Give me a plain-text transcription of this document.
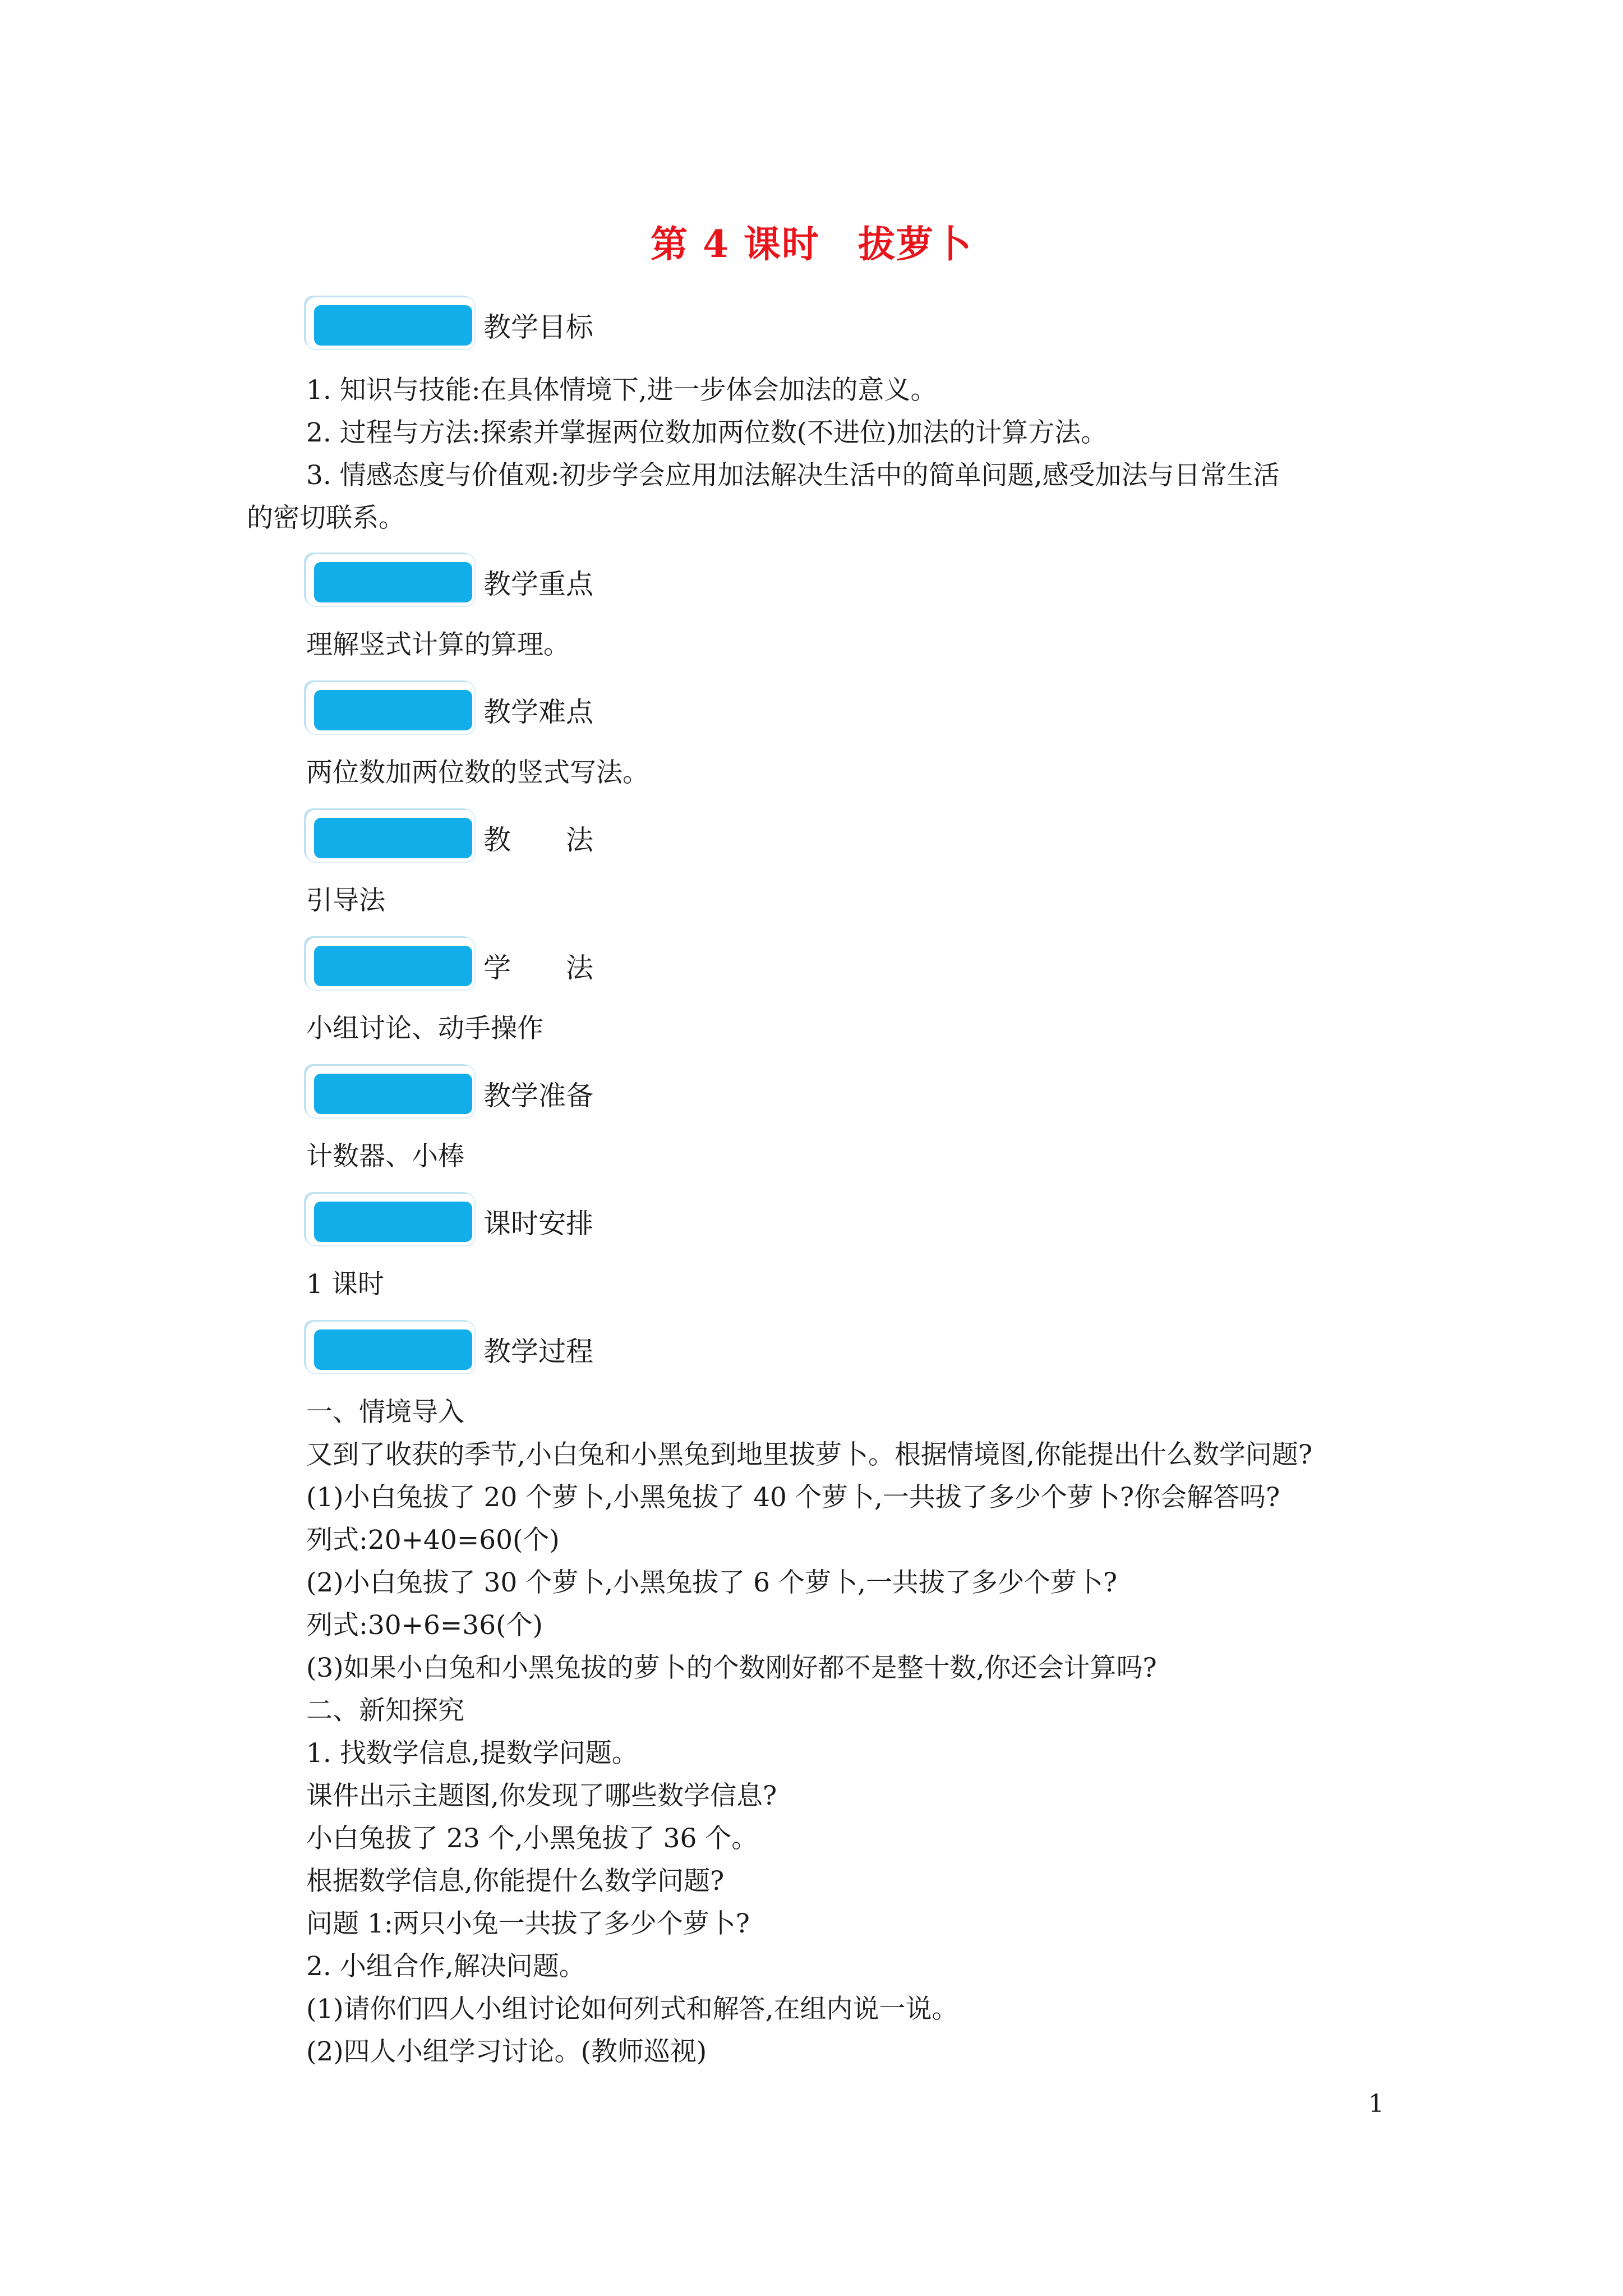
第 4 课时　拔萝卜
教学目标
1. 知识与技能:在具体情境下,进一步体会加法的意义。
2. 过程与方法:探索并掌握两位数加两位数(不进位)加法的计算方法。
3. 情感态度与价值观:初步学会应用加法解决生活中的简单问题,感受加法与日常生活
的密切联系。
教学重点
理解竖式计算的算理。
教学难点
两位数加两位数的竖式写法。
教　　法
引导法
学　　法
小组讨论、动手操作
教学准备
计数器、小棒
课时安排
1 课时
教学过程
一、情境导入
又到了收获的季节,小白兔和小黑兔到地里拔萝卜。根据情境图,你能提出什么数学问题?
(1)小白兔拔了 20 个萝卜,小黑兔拔了 40 个萝卜,一共拔了多少个萝卜?你会解答吗?
列式:20+40=60(个)
(2)小白兔拔了 30 个萝卜,小黑兔拔了 6 个萝卜,一共拔了多少个萝卜?
列式:30+6=36(个)
(3)如果小白兔和小黑兔拔的萝卜的个数刚好都不是整十数,你还会计算吗?
二、新知探究
1. 找数学信息,提数学问题。
课件出示主题图,你发现了哪些数学信息?
小白兔拔了 23 个,小黑兔拔了 36 个。
根据数学信息,你能提什么数学问题?
问题 1:两只小兔一共拔了多少个萝卜?
2. 小组合作,解决问题。
(1)请你们四人小组讨论如何列式和解答,在组内说一说。
(2)四人小组学习讨论。(教师巡视)
1
